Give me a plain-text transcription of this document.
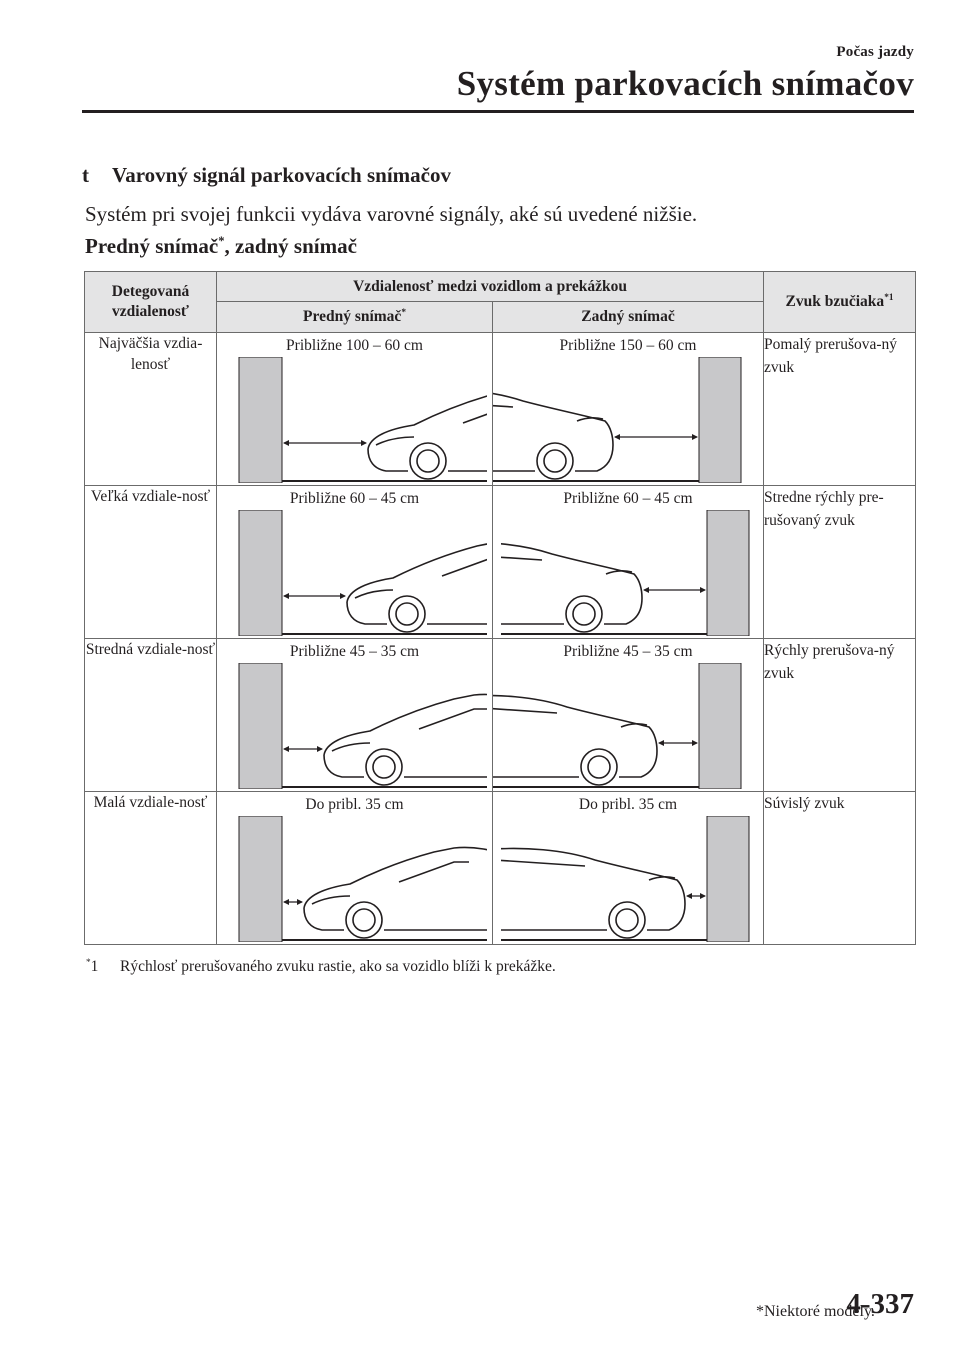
Počas jazdy
Systém parkovacích snímačov
t Varovný signál parkovacích snímačov
Systém pri svojej funkcii vydáva varovné signály, aké sú uvedené nižšie.
Predný snímač*, zadný snímač
Detegovaná vzdialenosť	Vzdialenosť medzi vozidlom a prekážkou		Zvuk bzučiaka$^{*1}$
	Predný snímač*	Zadný snímač	
Najväčšia vzdia-lenosť	Približne 100 – 60 cm	Približne 150 – 60 cm	Pomalý prerušova-ný zvuk
Veľká vzdiale-nosť	Približne 60 – 45 cm	Približne 60 – 45 cm	Stredne rýchly pre-rušovaný zvuk
Stredná vzdiale-nosť	Približne 45 – 35 cm	Približne 45 – 35 cm	Rýchly prerušova-ný zvuk
Malá vzdiale-nosť	Do pribl. 35 cm	Do pribl. 35 cm	Súvislý zvuk
*1 Rýchlosť prerušovaného zvuku rastie, ako sa vozidlo blíži k prekážke.
*Niektoré modely.
4-337
